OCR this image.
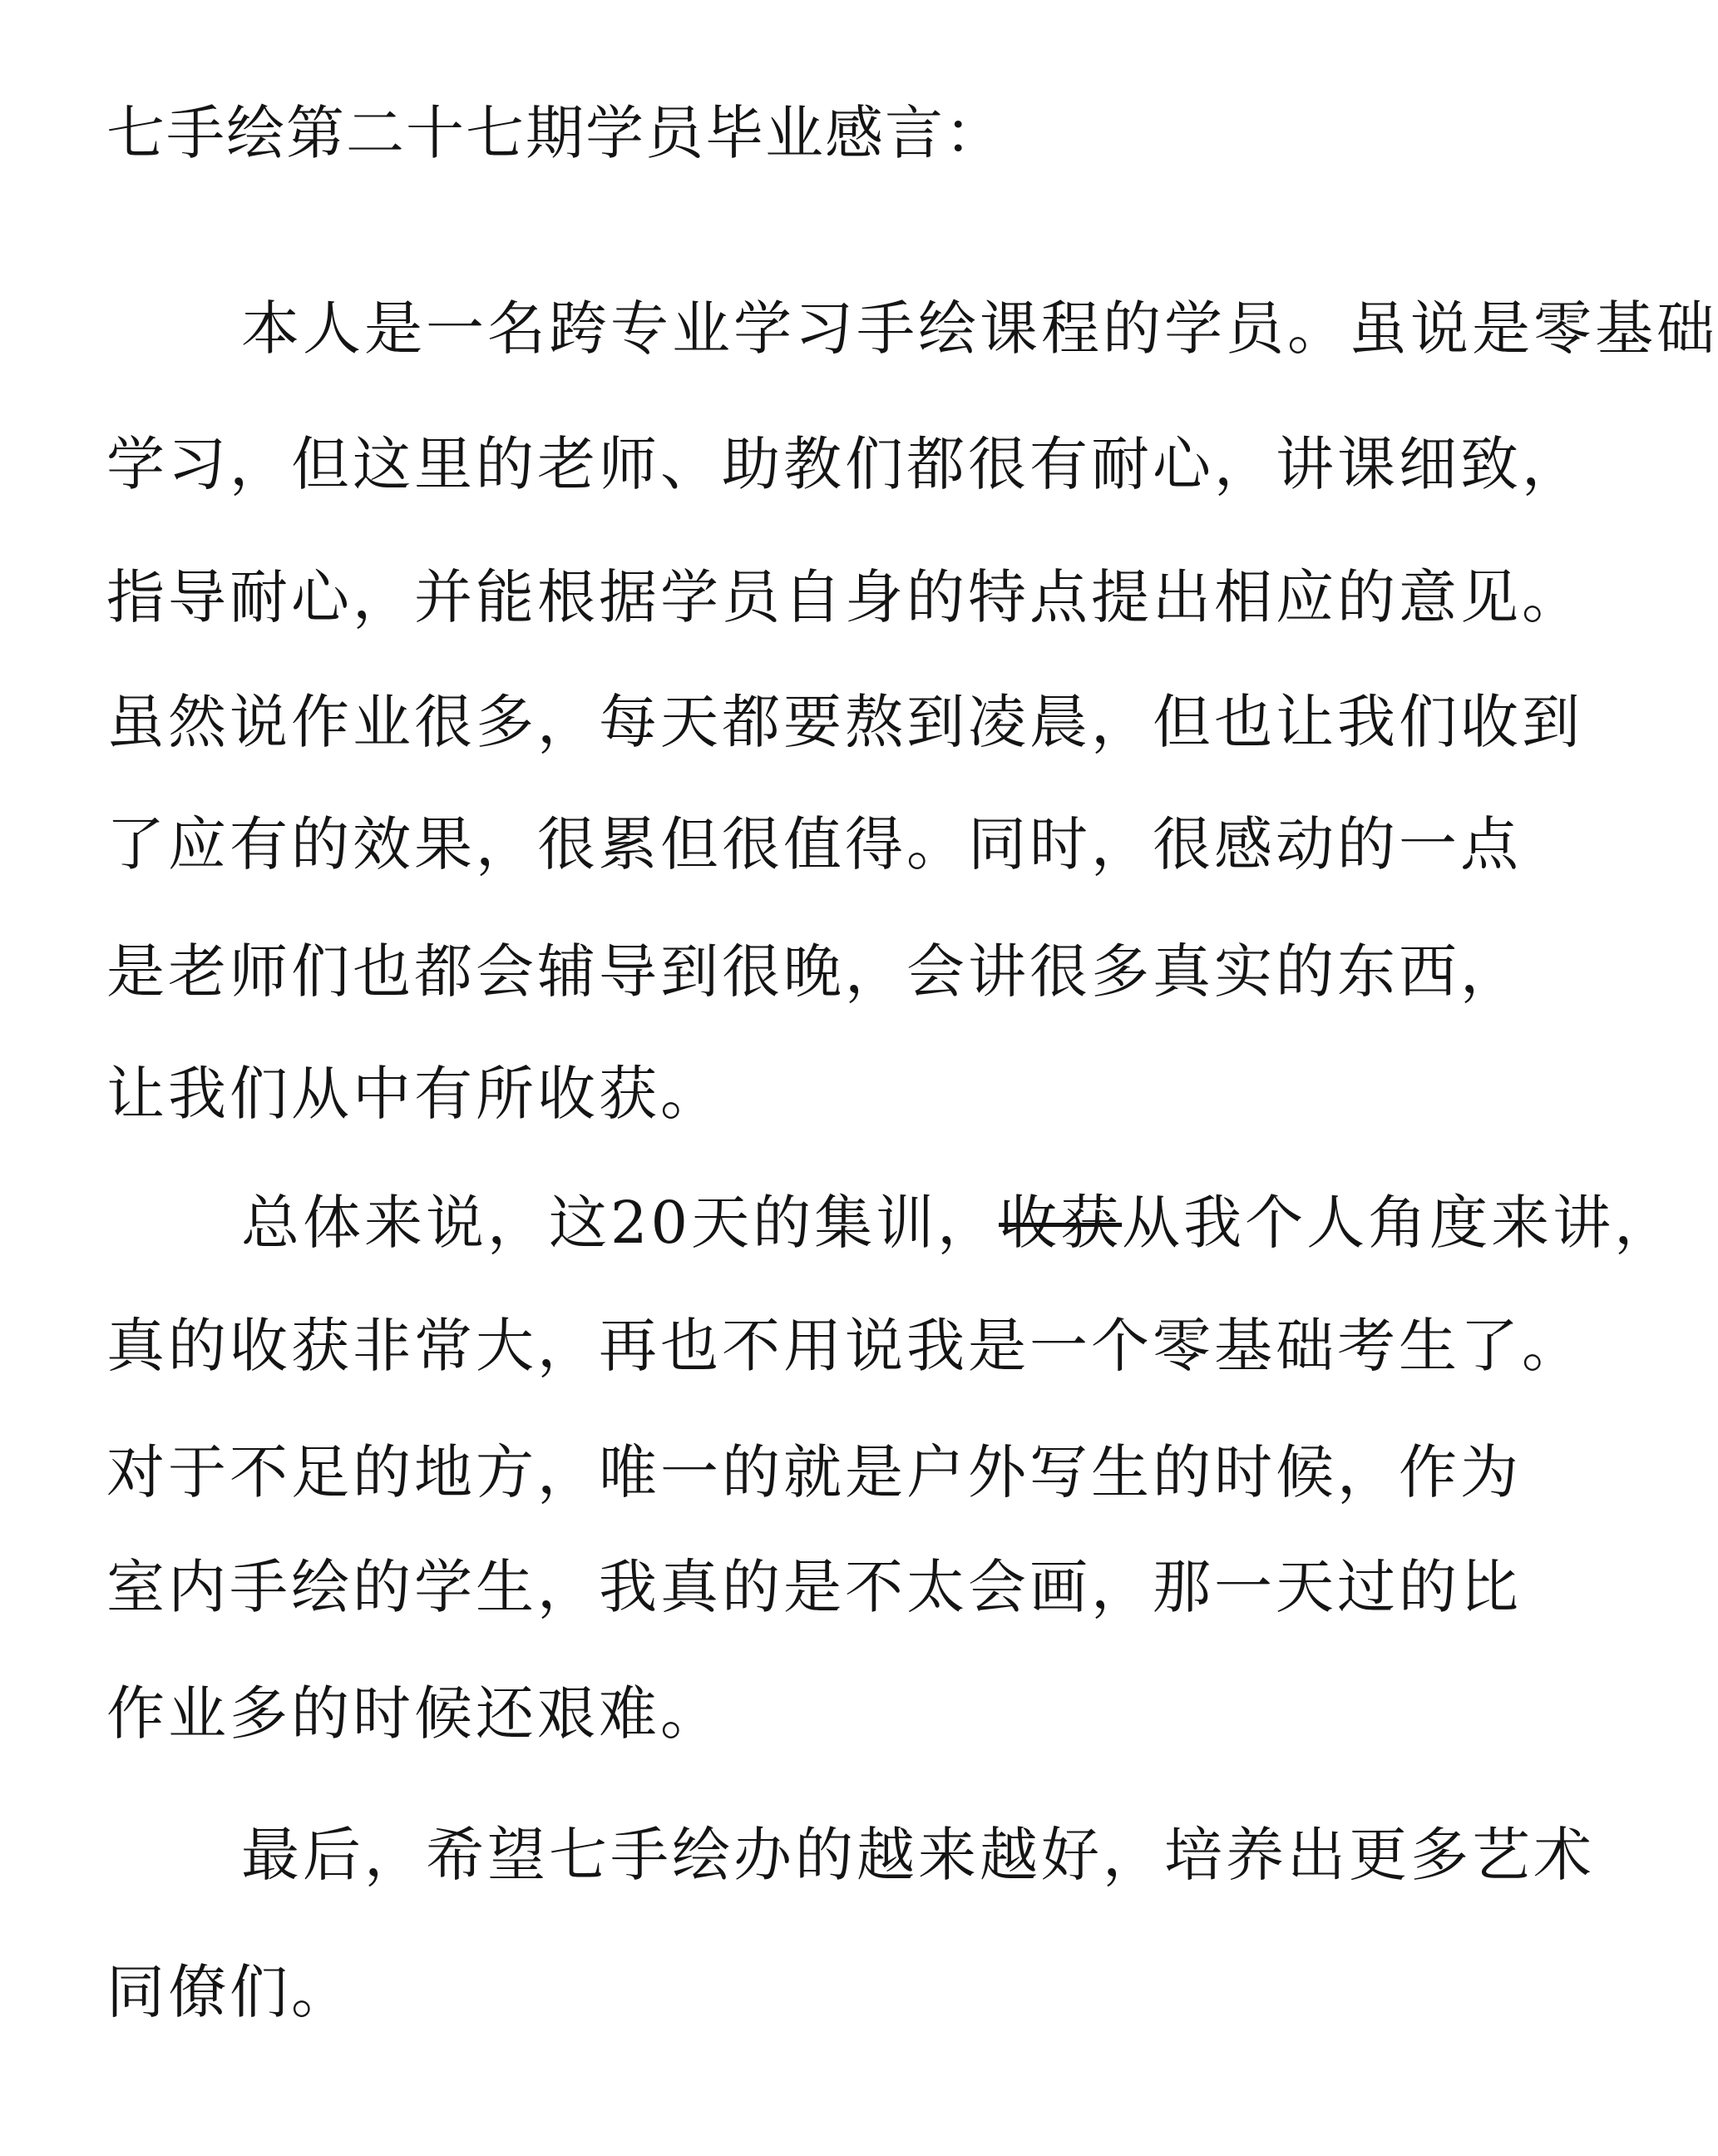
七手绘第二十七期学员毕业感言：
本人是一名跨专业学习手绘课程的学员。虽说是零基础
学习，但这里的老师、助教们都很有耐心，讲课细致，
指导耐心，并能根据学员自身的特点提出相应的意见。
虽然说作业很多，每天都要熬到凌晨，但也让我们收到
了应有的效果，很累但很值得。同时，很感动的一点
是老师们也都会辅导到很晚，会讲很多真实的东西，
让我们从中有所收获。
总体来说，这20天的集训，收获从我个人角度来讲，
真的收获非常大，再也不用说我是一个零基础考生了。
对于不足的地方，唯一的就是户外写生的时候，作为
室内手绘的学生，我真的是不太会画，那一天过的比
作业多的时候还艰难。
最后，希望七手绘办的越来越好，培养出更多艺术
同僚们。
